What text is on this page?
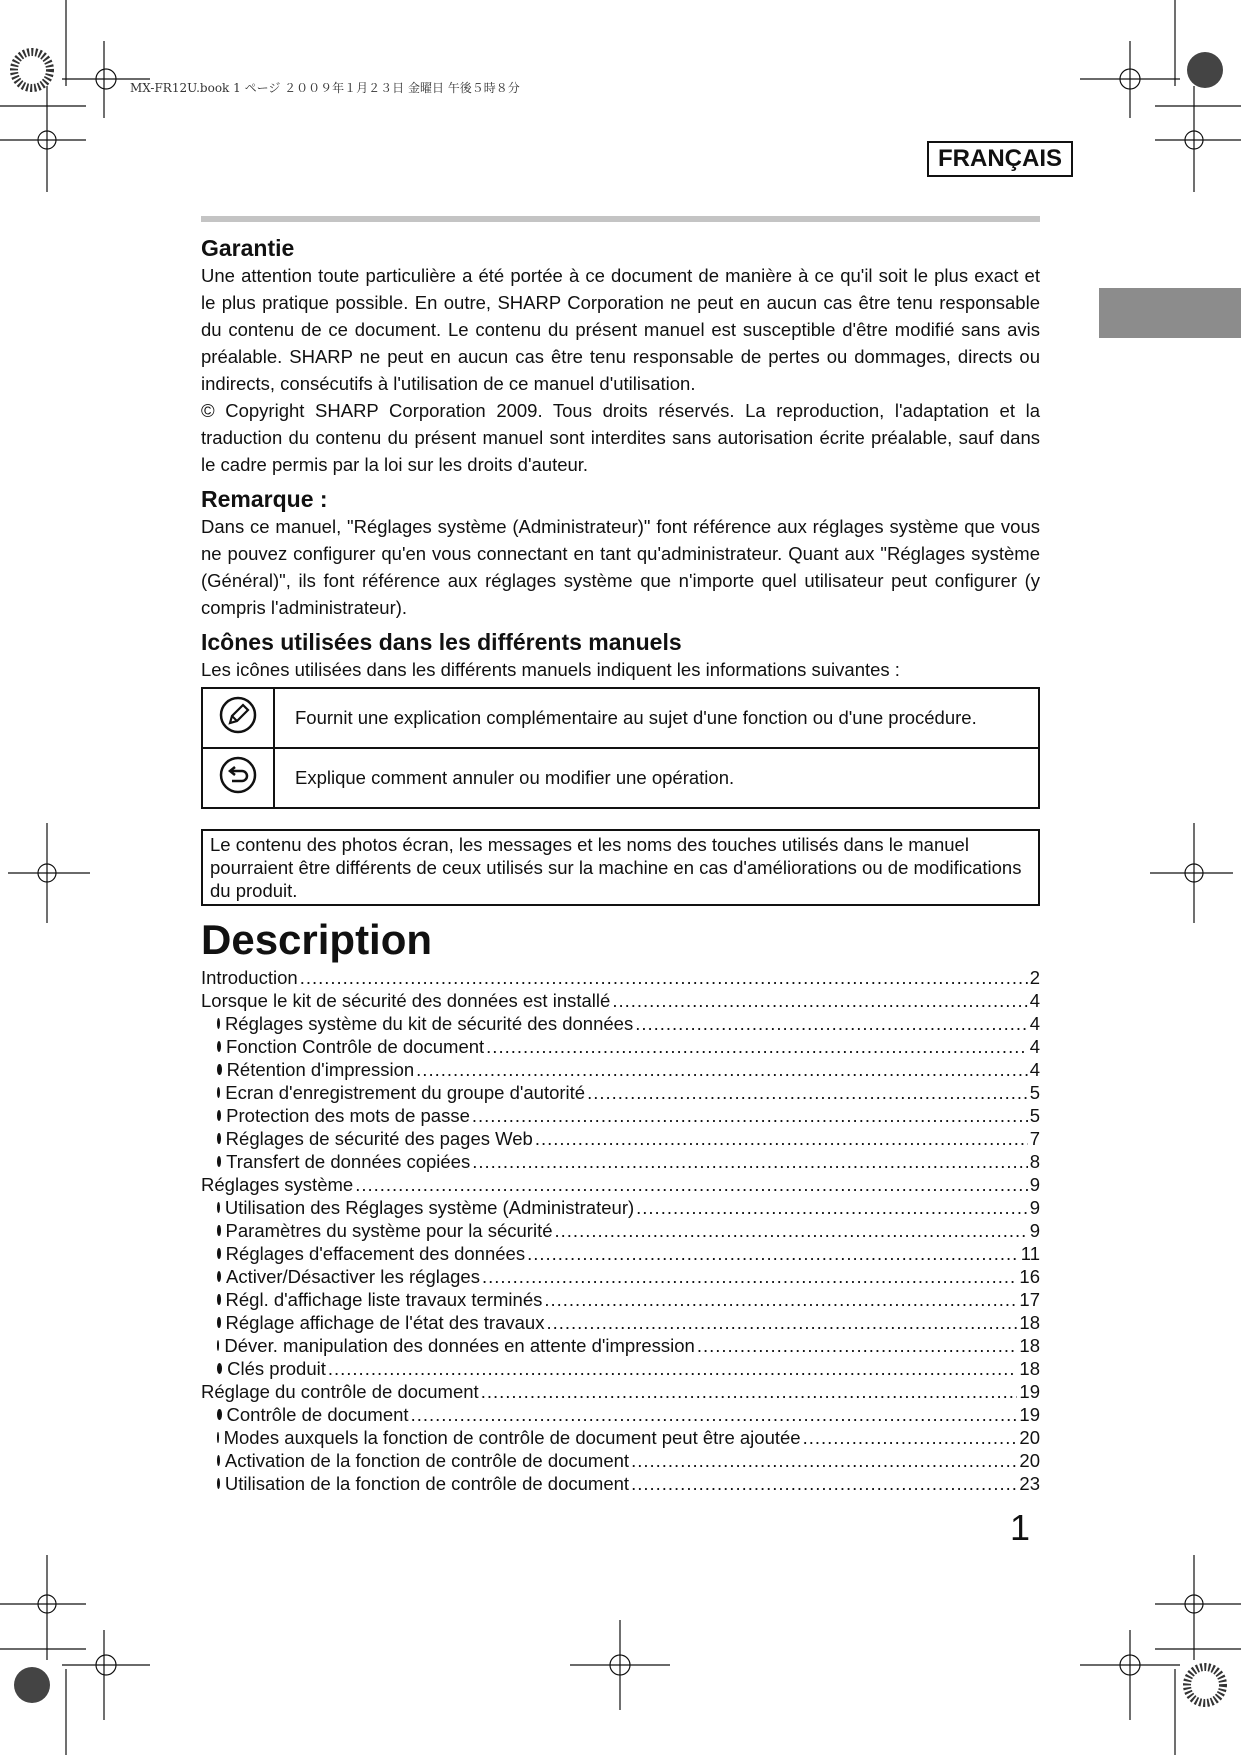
MX-FR12U.book 1 ページ ２００９年１月２３日 金曜日 午後５時８分
FRANÇAIS
Garantie

Une attention toute particulière a été portée à ce document de manière à ce qu'il soit le plus exact et le plus pratique possible. En outre, SHARP Corporation ne peut en aucun cas être tenu responsable du contenu de ce document. Le contenu du présent manuel est susceptible d'être modifié sans avis préalable. SHARP ne peut en aucun cas être tenu responsable de pertes ou dommages, directs ou indirects, consécutifs à l'utilisation de ce manuel d'utilisation.

© Copyright SHARP Corporation 2009. Tous droits réservés. La reproduction, l'adaptation et la traduction du contenu du présent manuel sont interdites sans autorisation écrite préalable, sauf dans le cadre permis par la loi sur les droits d'auteur.

Remarque :

Dans ce manuel, "Réglages système (Administrateur)" font référence aux réglages système que vous ne pouvez configurer qu'en vous connectant en tant qu'administrateur. Quant aux "Réglages système (Général)", ils font référence aux réglages système que n'importe quel utilisateur peut configurer (y compris l'administrateur).

Icônes utilisées dans les différents manuels
Les icônes utilisées dans les différents manuels indiquent les informations suivantes :
	Fournit une explication complémentaire au sujet d'une fonction ou d'une procédure.
	Explique comment annuler ou modifier une opération.
Le contenu des photos écran, les messages et les noms des touches utilisés dans le manuel pourraient être différents de ceux utilisés sur la machine en cas d'améliorations ou de modifications du produit.
Description
Introduction .....	2
Lorsque le kit de sécurité des données est installé .....	4
Réglages système du kit de sécurité des données .....	4
Fonction Contrôle de document .....	4
Rétention d'impression .....	4
Ecran d'enregistrement du groupe d'autorité .....	5
Protection des mots de passe .....	5
Réglages de sécurité des pages Web .....	7
Transfert de données copiées .....	8
Réglages système .....	9
Utilisation des Réglages système (Administrateur) .....	9
Paramètres du système pour la sécurité .....	9
Réglages d'effacement des données .....	11
Activer/Désactiver les réglages .....	16
Régl. d'affichage liste travaux terminés .....	17
Réglage affichage de l'état des travaux .....	18
Déver. manipulation des données en attente d'impression .....	18
Clés produit .....	18
Réglage du contrôle de document .....	19
Contrôle de document .....	19
Modes auxquels la fonction de contrôle de document peut être ajoutée .....	20
Activation de la fonction de contrôle de document .....	20
Utilisation de la fonction de contrôle de document .....	23
1
